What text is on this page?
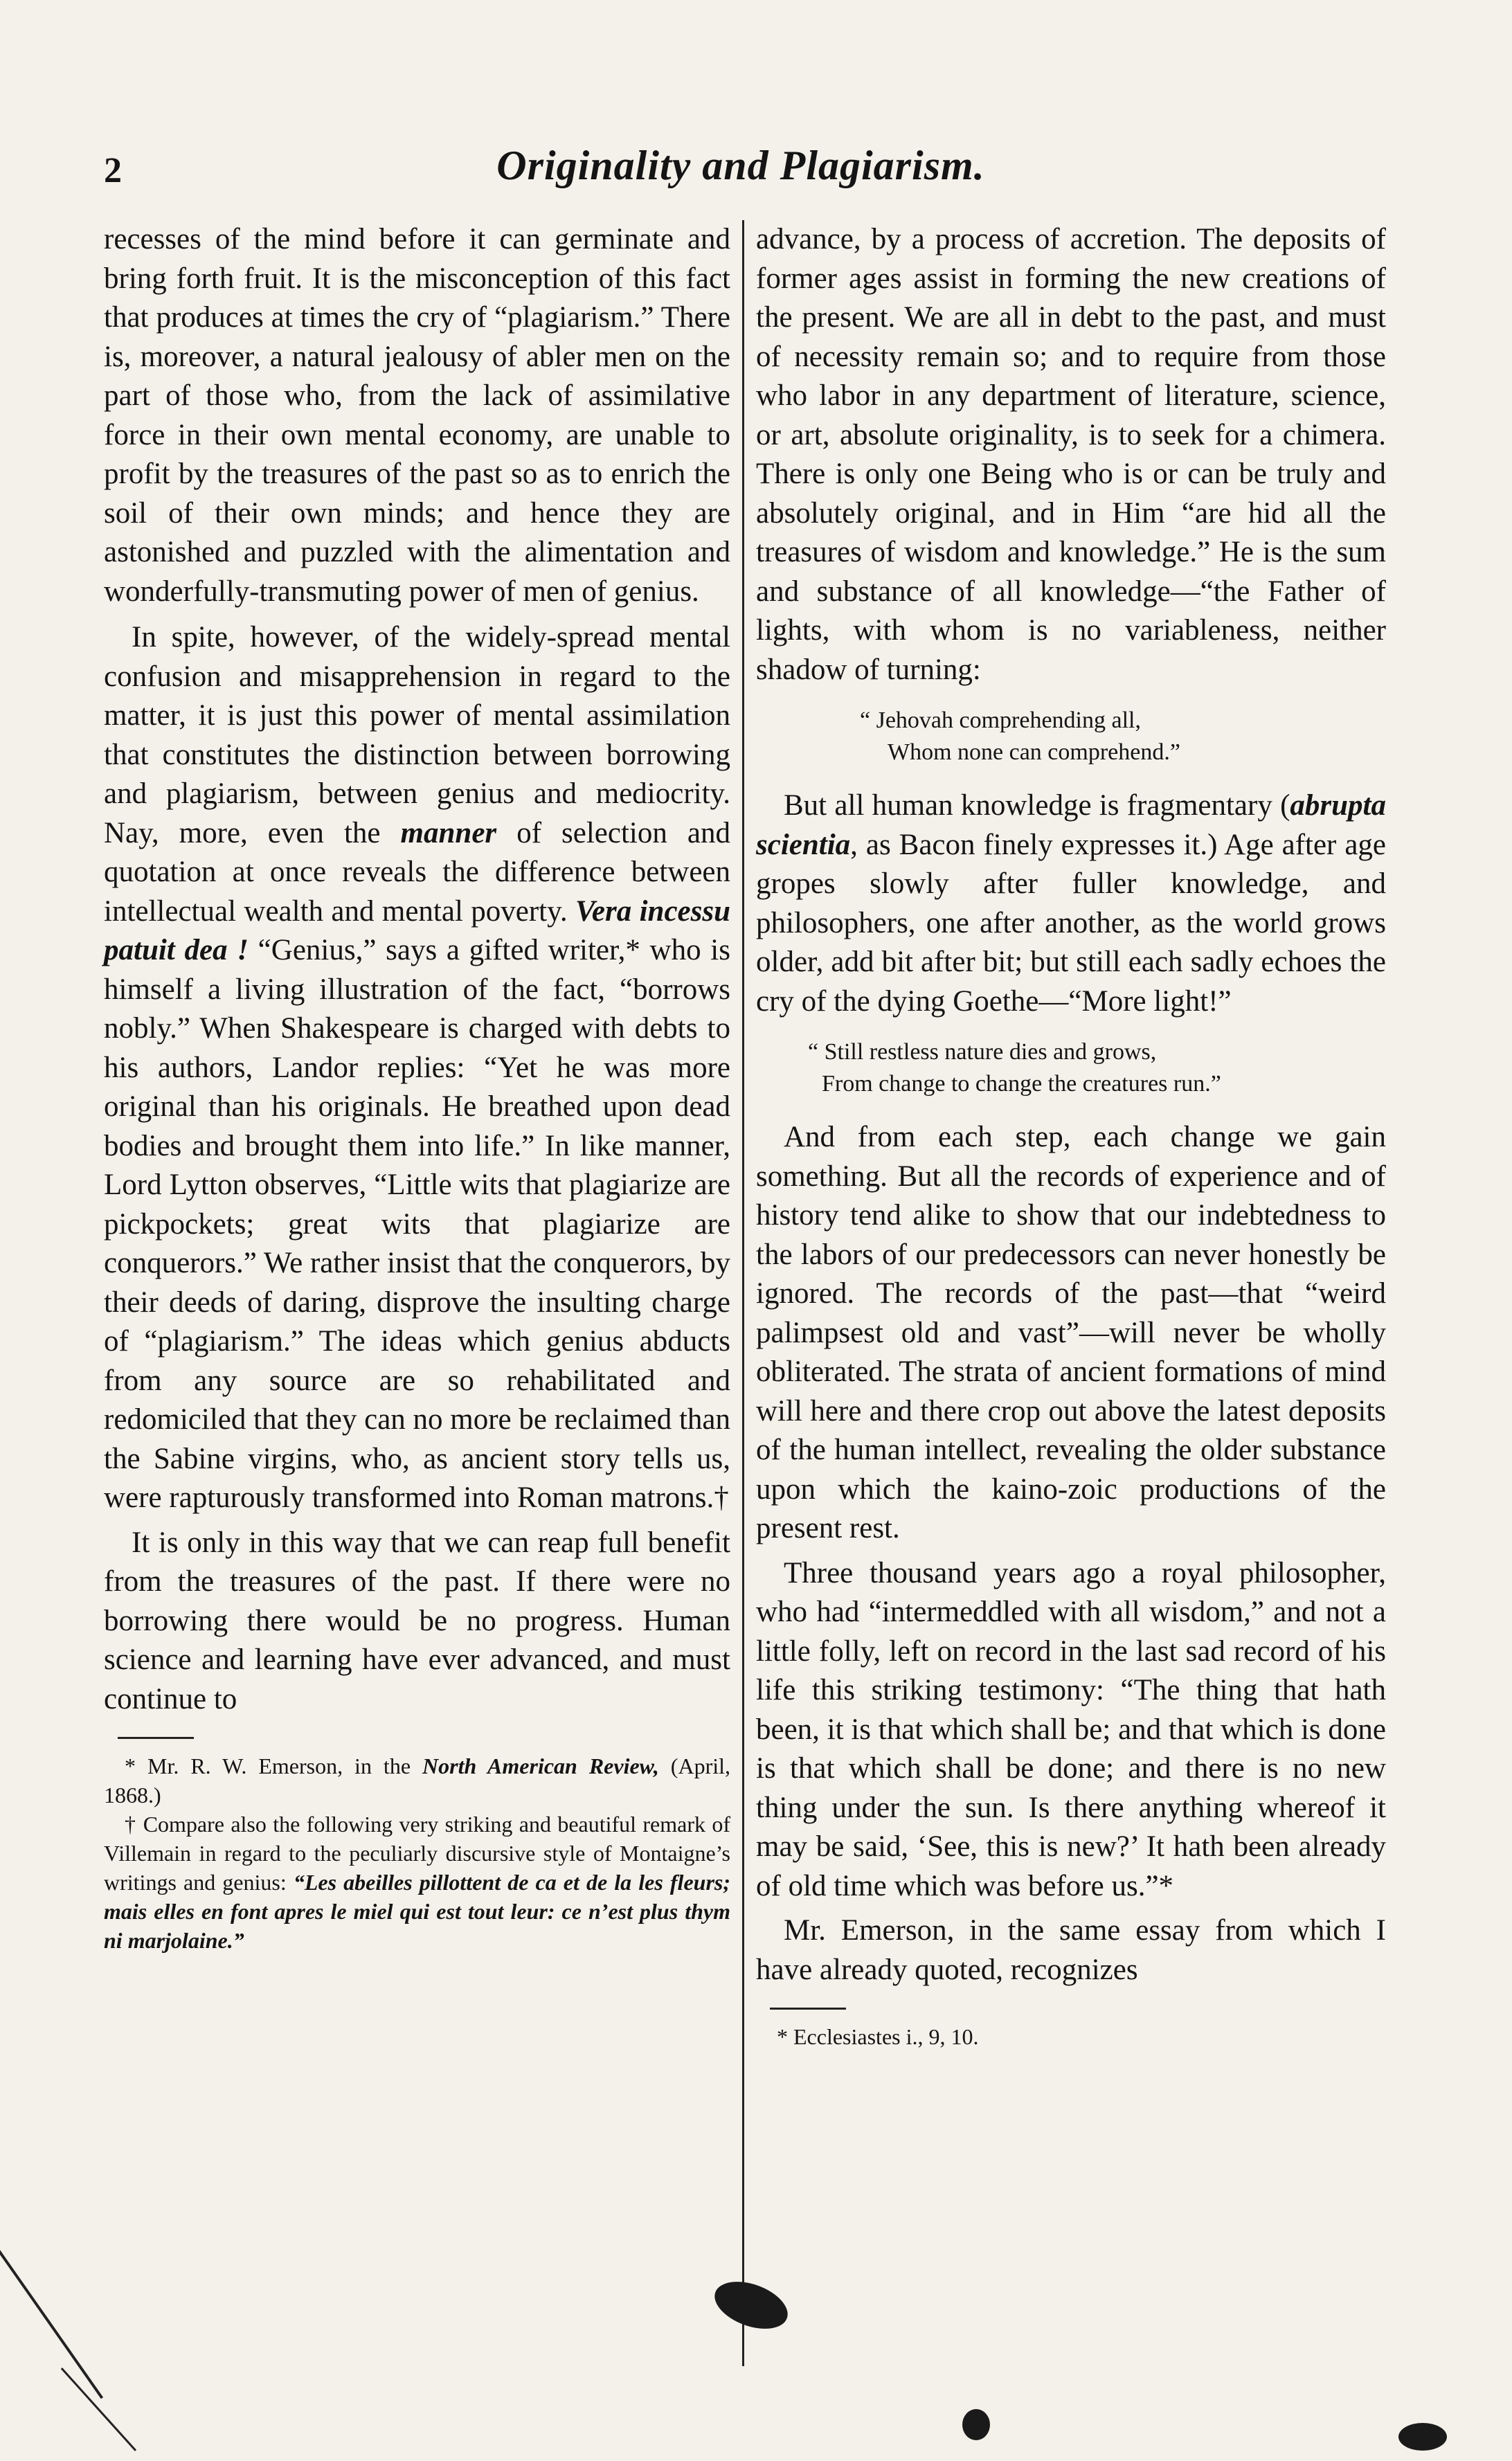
2	Originality and Plagiarism.

recesses of the mind before it can germinate and bring forth fruit. It is the misconception of this fact that produces at times the cry of “plagiarism.” There is, moreover, a natural jealousy of abler men on the part of those who, from the lack of assimilative force in their own mental economy, are unable to profit by the treasures of the past so as to enrich the soil of their own minds; and hence they are astonished and puzzled with the alimentation and wonderfully-transmuting power of men of genius.

In spite, however, of the widely-spread mental confusion and misapprehension in regard to the matter, it is just this power of mental assimilation that constitutes the distinction between borrowing and plagiarism, between genius and mediocrity. Nay, more, even the manner of selection and quotation at once reveals the difference between intellectual wealth and mental poverty. Vera incessu patuit dea ! “Genius,” says a gifted writer,* who is himself a living illustration of the fact, “borrows nobly.” When Shakespeare is charged with debts to his authors, Landor replies: “Yet he was more original than his originals. He breathed upon dead bodies and brought them into life.” In like manner, Lord Lytton observes, “Little wits that plagiarize are pickpockets; great wits that plagiarize are conquerors.” We rather insist that the conquerors, by their deeds of daring, disprove the insulting charge of “plagiarism.” The ideas which genius abducts from any source are so rehabilitated and redomiciled that they can no more be reclaimed than the Sabine virgins, who, as ancient story tells us, were rapturously transformed into Roman matrons.†

It is only in this way that we can reap full benefit from the treasures of the past. If there were no borrowing there would be no progress. Human science and learning have ever advanced, and must continue to

* Mr. R. W. Emerson, in the North American Review, (April, 1868.)

† Compare also the following very striking and beautiful remark of Villemain in regard to the peculiarly discursive style of Montaigne’s writings and genius: “Les abeilles pillottent de ca et de la les fleurs; mais elles en font apres le miel qui est tout leur: ce n’est plus thym ni marjolaine.”

advance, by a process of accretion. The deposits of former ages assist in forming the new creations of the present. We are all in debt to the past, and must of necessity remain so; and to require from those who labor in any department of literature, science, or art, absolute originality, is to seek for a chimera. There is only one Being who is or can be truly and absolutely original, and in Him “are hid all the treasures of wisdom and knowledge.” He is the sum and substance of all knowledge—“the Father of lights, with whom is no variableness, neither shadow of turning:

“ Jehovah comprehending all,
Whom none can comprehend.”

But all human knowledge is fragmentary (abrupta scientia, as Bacon finely expresses it.) Age after age gropes slowly after fuller knowledge, and philosophers, one after another, as the world grows older, add bit after bit; but still each sadly echoes the cry of the dying Goethe—“More light!”

“ Still restless nature dies and grows,
From change to change the creatures run.”

And from each step, each change we gain something. But all the records of experience and of history tend alike to show that our indebtedness to the labors of our predecessors can never honestly be ignored. The records of the past—that “weird palimpsest old and vast”—will never be wholly obliterated. The strata of ancient formations of mind will here and there crop out above the latest deposits of the human intellect, revealing the older substance upon which the kaino-zoic productions of the present rest.

Three thousand years ago a royal philosopher, who had “intermeddled with all wisdom,” and not a little folly, left on record in the last sad record of his life this striking testimony: “The thing that hath been, it is that which shall be; and that which is done is that which shall be done; and there is no new thing under the sun. Is there anything whereof it may be said, ‘See, this is new?’ It hath been already of old time which was before us.”*

Mr. Emerson, in the same essay from which I have already quoted, recognizes

* Ecclesiastes i., 9, 10.
